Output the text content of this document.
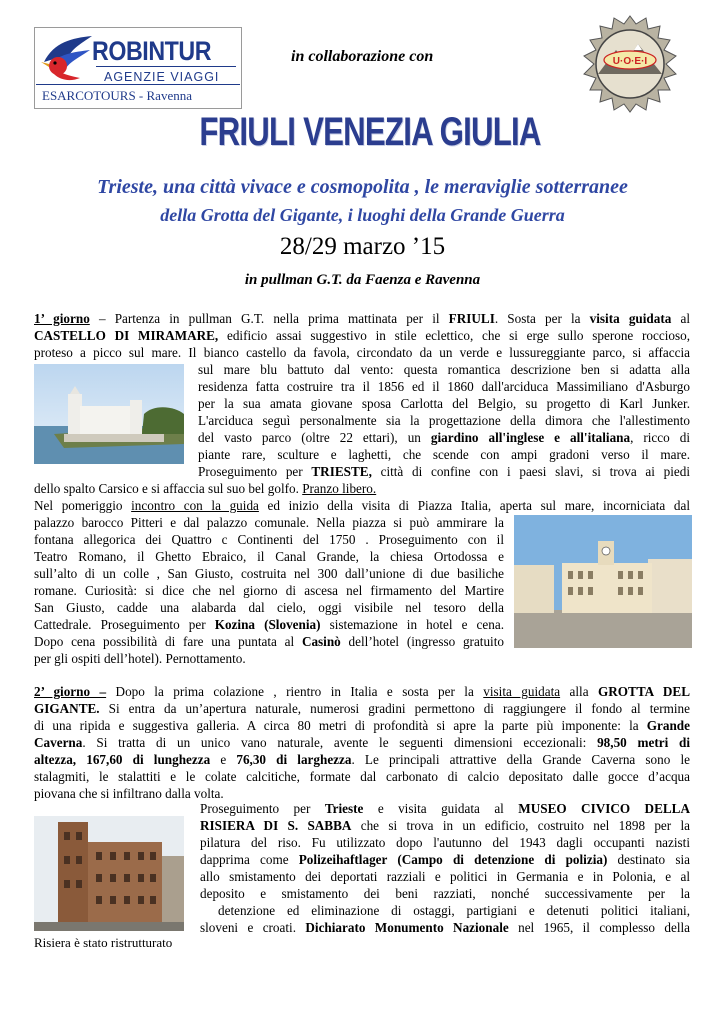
ROBINTUR
AGENZIE VIAGGI
ESARCOTOURS - Ravenna
in collaborazione con	U·O·E·I
FRIULI VENEZIA GIULIA
Trieste, una città vivace e cosmopolita , le meraviglie sotterranee
della Grotta del Gigante, i luoghi della Grande Guerra
28/29 marzo ’15
in pullman G.T. da Faenza e Ravenna
1’ giorno – Partenza in pullman G.T. nella prima mattinata per il FRIULI. Sosta per la visita guidata al
CASTELLO DI MIRAMARE, edificio assai suggestivo in stile eclettico, che si erge sullo sperone roccioso,
proteso a picco sul mare. Il bianco castello da favola, circondato da un verde e lussureggiante parco, si affaccia
sul mare blu battuto dal vento: questa romantica descrizione ben si adatta alla
residenza fatta costruire tra il 1856 ed il 1860 dall'arciduca Massimiliano d'Asburgo
per la sua amata giovane sposa Carlotta del Belgio, su progetto di Karl Junker.
L'arciduca seguì personalmente sia la progettazione della dimora che l'allestimento
del vasto parco (oltre 22 ettari), un giardino all'inglese e all'italiana, ricco di
piante rare, sculture e laghetti, che scende con ampi gradoni verso il mare.
Proseguimento per TRIESTE, città di confine con i paesi slavi, si trova ai piedi
dello spalto Carsico e si affaccia sul suo bel golfo. Pranzo libero.
Nel pomeriggio incontro con la guida ed inizio della visita di Piazza Italia, aperta sul mare, incorniciata dal
palazzo barocco Pitteri e dal palazzo comunale. Nella piazza si può ammirare la
fontana allegorica dei Quattro c Continenti del 1750 . Proseguimento con il
Teatro Romano, il Ghetto Ebraico, il Canal Grande, la chiesa Ortodossa e
sull’alto di un colle , San Giusto, costruita nel 300 dall’unione di due basiliche
romane. Curiosità: si dice che nel giorno di ascesa nel firmamento del Martire
San Giusto, cadde una alabarda dal cielo, oggi visibile nel tesoro della
Cattedrale. Proseguimento per Kozina (Slovenia) sistemazione in hotel e cena.
Dopo cena possibilità di fare una puntata al Casinò dell’hotel (ingresso gratuito
per gli ospiti dell’hotel). Pernottamento.
2’ giorno – Dopo la prima colazione , rientro in Italia e sosta per la visita guidata alla GROTTA DEL
GIGANTE. Si entra da un’apertura naturale, numerosi gradini permettono di raggiungere il fondo al termine
di una ripida e suggestiva galleria. A circa 80 metri di profondità si apre la parte più imponente: la Grande
Caverna. Si tratta di un unico vano naturale, avente le seguenti dimensioni eccezionali: 98,50 metri di
altezza, 167,60 di lunghezza e 76,30 di larghezza. Le principali attrattive della Grande Caverna sono le
stalagmiti, le stalattiti e le colate calcitiche, formate dal carbonato di calcio depositato dalle gocce d’acqua
piovana che si infiltrano dalla volta.
Proseguimento per Trieste e visita guidata al MUSEO CIVICO DELLA
RISIERA DI S. SABBA che si trova in un edificio, costruito nel 1898 per la
pilatura del riso. Fu utilizzato dopo l'autunno del 1943 dagli occupanti nazisti
dapprima come Polizeihaftlager (Campo di detenzione di polizia) destinato sia
allo smistamento dei deportati razziali e politici in Germania e in Polonia, e al
deposito e smistamento dei beni razziati, nonché successivamente per la
detenzione ed eliminazione di ostaggi, partigiani e detenuti politici italiani,
sloveni e croati. Dichiarato Monumento Nazionale nel 1965, il complesso della
Risiera è stato ristrutturato
